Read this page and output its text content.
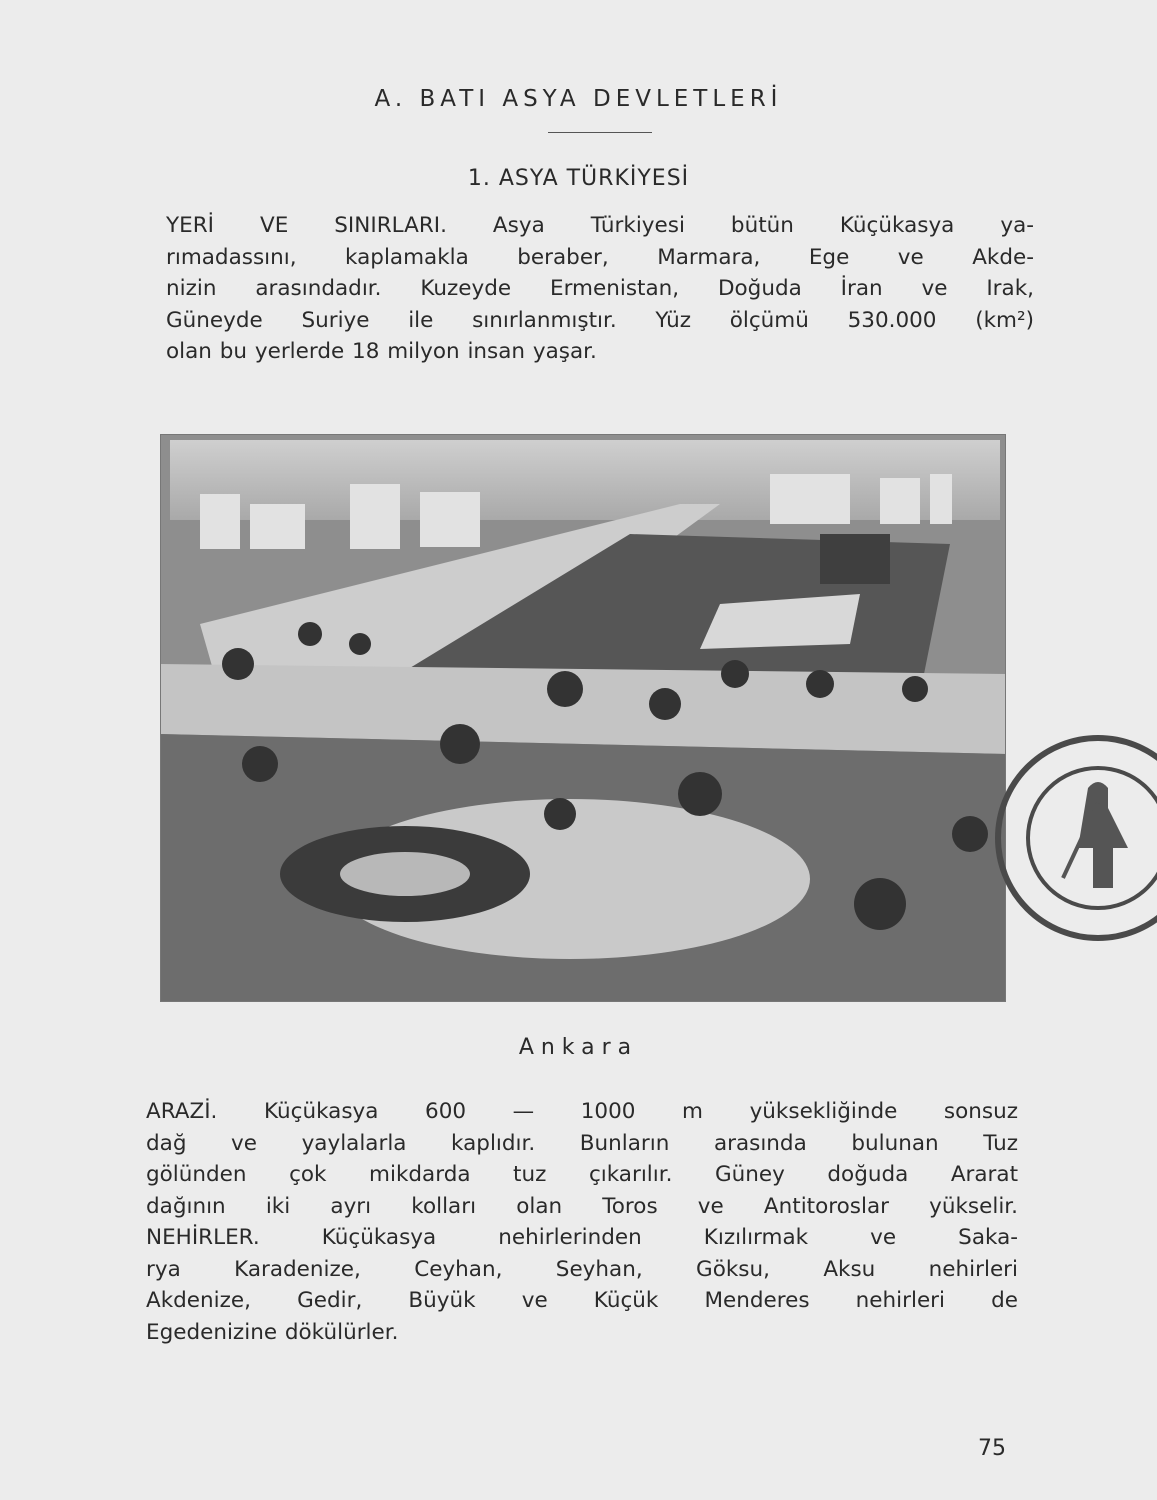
A. BATI ASYA DEVLETLERİ
1. ASYA TÜRKİYESİ
YERİ VE SINIRLARI. Asya Türkiyesi bütün Küçükasya ya-
rımadassını, kaplamakla beraber, Marmara, Ege ve Akde-
nizin arasındadır. Kuzeyde Ermenistan, Doğuda İran ve Irak,
Güneyde Suriye ile sınırlanmıştır. Yüz ölçümü 530.000 (km²)
olan bu yerlerde 18 milyon insan yaşar.
Ankara
ARAZİ. Küçükasya 600 — 1000 m yüksekliğinde sonsuz
dağ ve yaylalarla kaplıdır. Bunların arasında bulunan Tuz
gölünden çok mikdarda tuz çıkarılır. Güney doğuda Ararat
dağının iki ayrı kolları olan Toros ve Antitoroslar yükselir.
NEHİRLER. Küçükasya nehirlerinden Kızılırmak ve Saka-
rya Karadenize, Ceyhan, Seyhan, Göksu, Aksu nehirleri
Akdenize, Gedir, Büyük ve Küçük Menderes nehirleri de
Egedenizine dökülürler.
75
